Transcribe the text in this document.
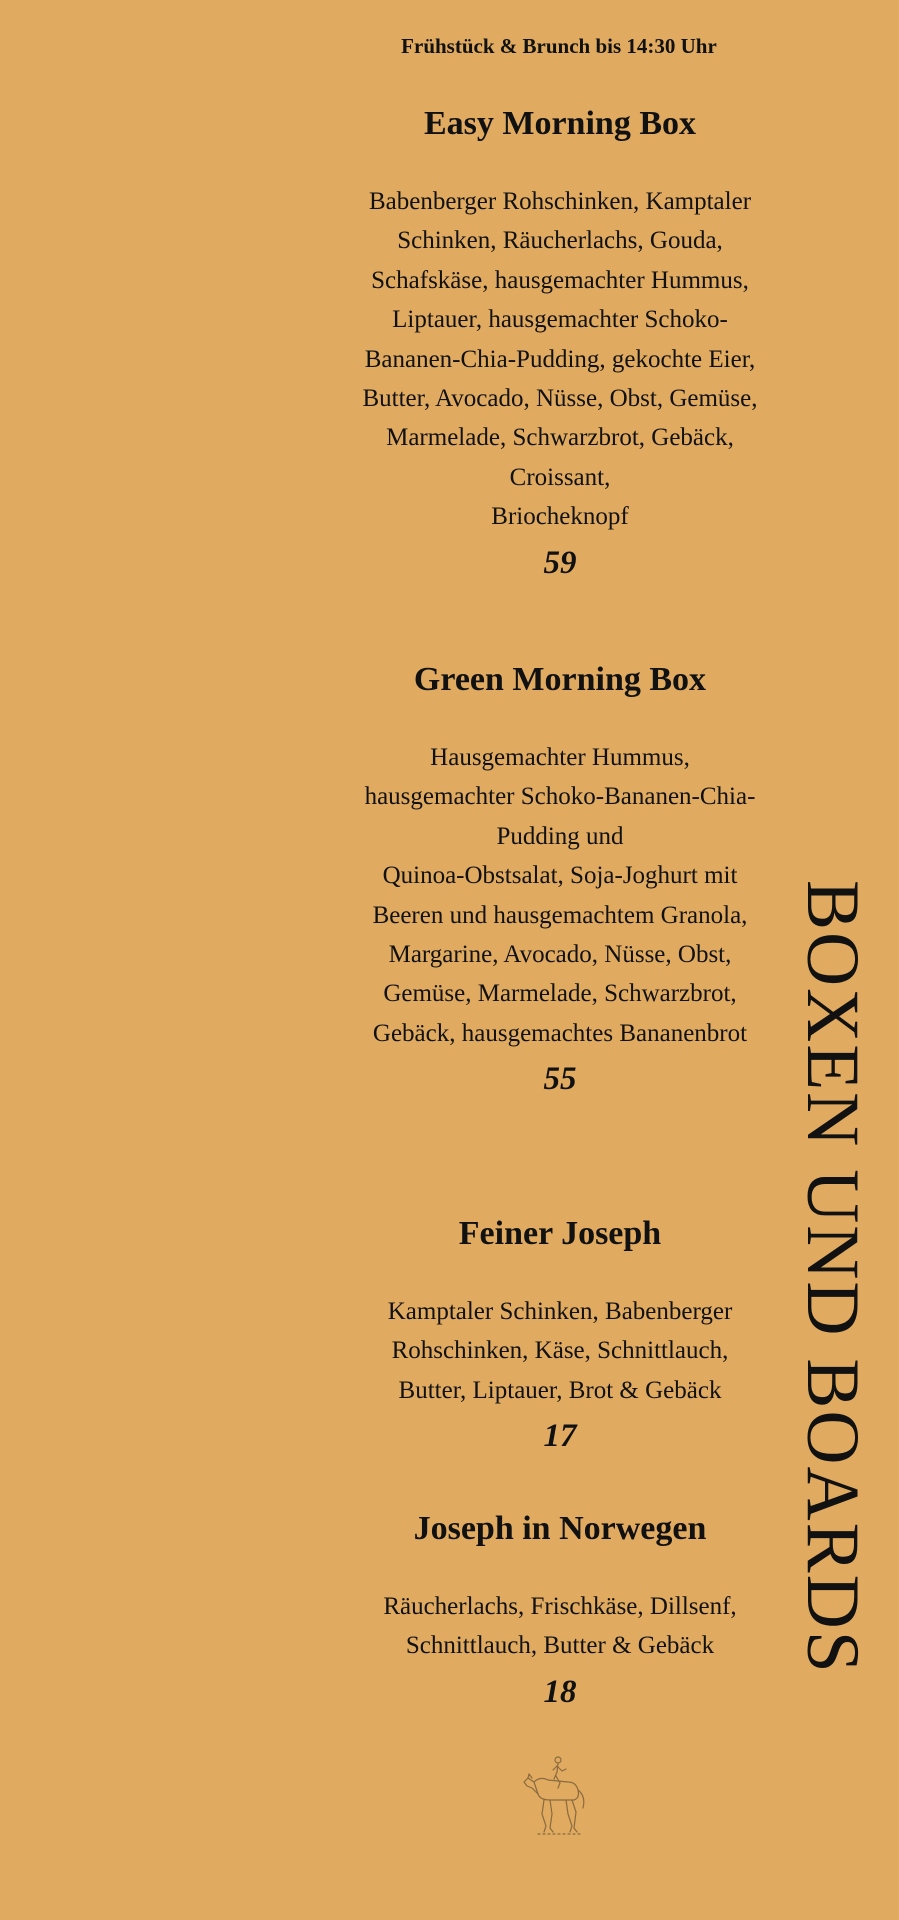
Frühstück & Brunch bis 14:30 Uhr

Easy Morning Box

Babenberger Rohschinken, Kamptaler
Schinken, Räucherlachs, Gouda,
Schafskäse, hausgemachter Hummus,
Liptauer, hausgemachter Schoko-
Bananen-Chia-Pudding, gekochte Eier,
Butter, Avocado, Nüsse, Obst, Gemüse,
Marmelade, Schwarzbrot, Gebäck,
Croissant,
Briocheknopf

59

Green Morning Box

Hausgemachter Hummus,
hausgemachter Schoko-Bananen-Chia-
Pudding und
Quinoa-Obstsalat, Soja-Joghurt mit
Beeren und hausgemachtem Granola,
Margarine, Avocado, Nüsse, Obst,
Gemüse, Marmelade, Schwarzbrot,
Gebäck, hausgemachtes Bananenbrot

55

Feiner Joseph

Kamptaler Schinken, Babenberger
Rohschinken, Käse, Schnittlauch,
Butter, Liptauer, Brot & Gebäck

17

Joseph in Norwegen

Räucherlachs, Frischkäse, Dillsenf,
Schnittlauch, Butter & Gebäck

18

BOXEN UND BOARDS
